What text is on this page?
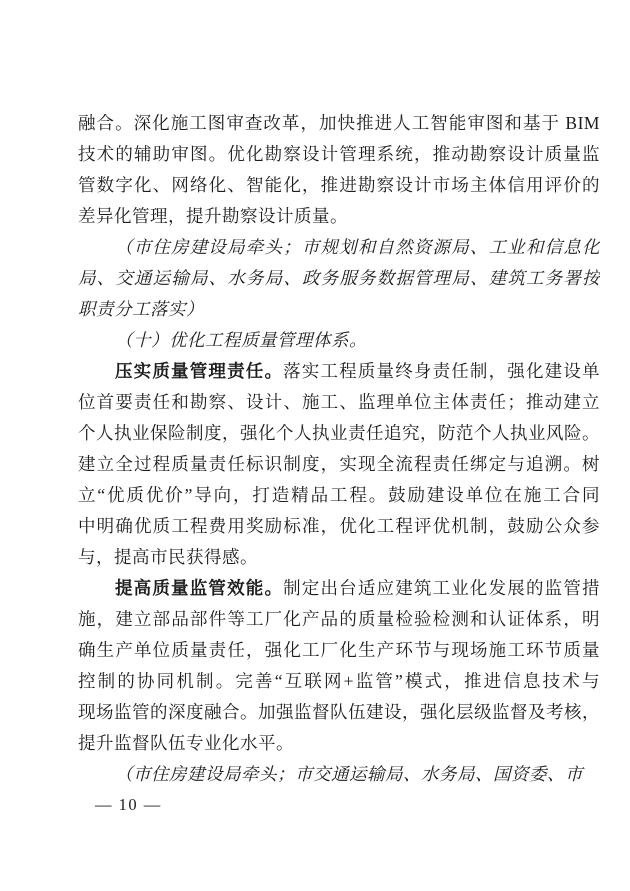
融合。深化施工图审查改革，加快推进人工智能审图和基于 BIM
技术的辅助审图。优化勘察设计管理系统，推动勘察设计质量监
管数字化、网络化、智能化，推进勘察设计市场主体信用评价的
差异化管理，提升勘察设计质量。

（市住房建设局牵头；市规划和自然资源局、工业和信息化
局、交通运输局、水务局、政务服务数据管理局、建筑工务署按
职责分工落实）

（十）优化工程质量管理体系。

压实质量管理责任。落实工程质量终身责任制，强化建设单
位首要责任和勘察、设计、施工、监理单位主体责任；推动建立
个人执业保险制度，强化个人执业责任追究，防范个人执业风险。
建立全过程质量责任标识制度，实现全流程责任绑定与追溯。树
立“优质优价”导向，打造精品工程。鼓励建设单位在施工合同
中明确优质工程费用奖励标准，优化工程评优机制，鼓励公众参
与，提高市民获得感。

提高质量监管效能。制定出台适应建筑工业化发展的监管措
施，建立部品部件等工厂化产品的质量检验检测和认证体系，明
确生产单位质量责任，强化工厂化生产环节与现场施工环节质量
控制的协同机制。完善“互联网+监管”模式，推进信息技术与
现场监管的深度融合。加强监督队伍建设，强化层级监督及考核，
提升监督队伍专业化水平。

（市住房建设局牵头；市交通运输局、水务局、国资委、市

— 10 —
